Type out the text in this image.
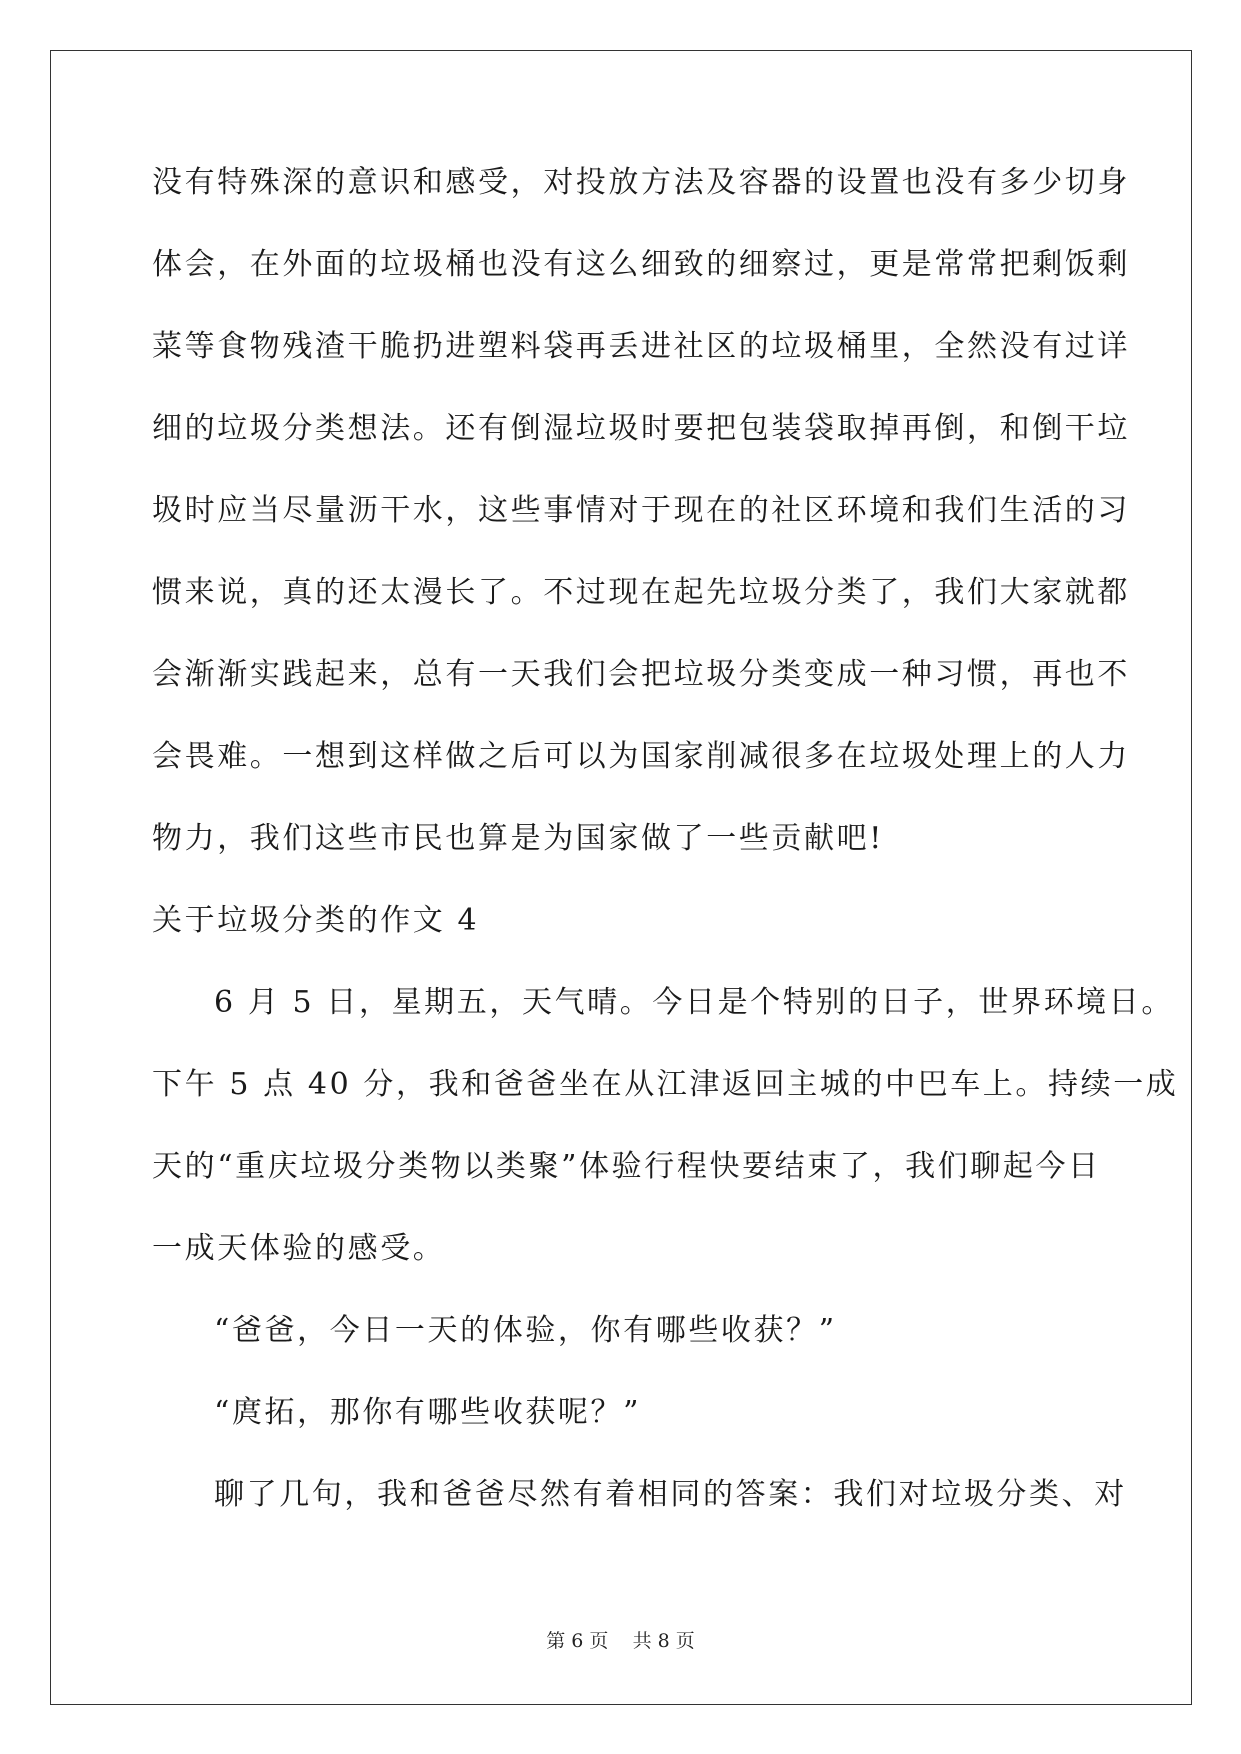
没有特殊深的意识和感受，对投放方法及容器的设置也没有多少切身
体会，在外面的垃圾桶也没有这么细致的细察过，更是常常把剩饭剩
菜等食物残渣干脆扔进塑料袋再丢进社区的垃圾桶里，全然没有过详
细的垃圾分类想法。还有倒湿垃圾时要把包装袋取掉再倒，和倒干垃
圾时应当尽量沥干水，这些事情对于现在的社区环境和我们生活的习
惯来说，真的还太漫长了。不过现在起先垃圾分类了，我们大家就都
会渐渐实践起来，总有一天我们会把垃圾分类变成一种习惯，再也不
会畏难。一想到这样做之后可以为国家削减很多在垃圾处理上的人力
物力，我们这些市民也算是为国家做了一些贡献吧!
关于垃圾分类的作文 4
6 月 5 日，星期五，天气晴。今日是个特别的日子，世界环境日。
下午 5 点 40 分，我和爸爸坐在从江津返回主城的中巴车上。持续一成
天的“重庆垃圾分类物以类聚”体验行程快要结束了，我们聊起今日
一成天体验的感受。
“爸爸，今日一天的体验，你有哪些收获？”
“庹拓，那你有哪些收获呢？”
聊了几句，我和爸爸尽然有着相同的答案：我们对垃圾分类、对
第 6 页    共 8 页
